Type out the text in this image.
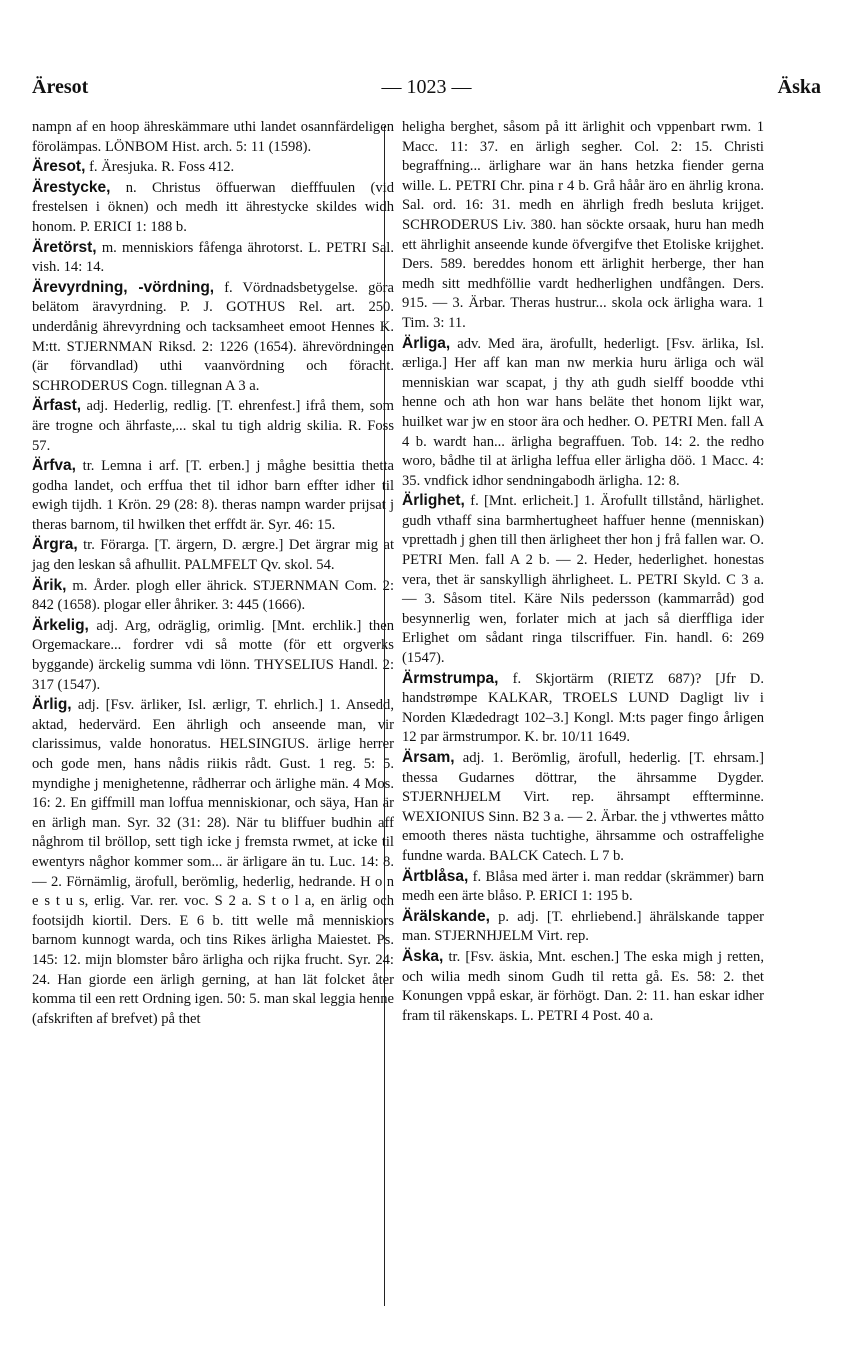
Äresot	— 1023 —	Äska

nampn af en hoop ähreskämmare uthi landet osannfärdeligen förolämpas. LÖNBOM Hist. arch. 5: 11 (1598).

Äresot, f. Äresjuka. R. Foss 412.

Ärestycke, n. Christus öffuerwan diefffuulen (vid frestelsen i öknen) och medh itt ährestycke skildes widh honom. P. ERICI 1: 188 b.

Äretörst, m. menniskiors fåfenga ährotorst. L. PETRI Sal. vish. 14: 14.

Ärevyrdning, -vördning, f. Vördnadsbetygelse. göra belätom äravyrdning. P. J. GOTHUS Rel. art. 250. underdånig ährevyrdning och tacksamheet emoot Hennes K. M:tt. STJERNMAN Riksd. 2: 1226 (1654). ährevördningen (är förvandlad) uthi vaanvördning och föracht. SCHRODERUS Cogn. tillegnan A 3 a.

Ärfast, adj. Hederlig, redlig. [T. ehrenfest.] ifrå them, som äre trogne och ährfaste,... skal tu tigh aldrig skilia. R. Foss 57.

Ärfva, tr. Lemna i arf. [T. erben.] j måghe besittia thetta godha landet, och erffua thet til idhor barn effter idher til ewigh tijdh. 1 Krön. 29 (28: 8). theras nampn warder prijsat j theras barnom, til hwilken thet erffdt är. Syr. 46: 15.

Ärgra, tr. Förarga. [T. ärgern, D. ærgre.] Det ärgrar mig at jag den leskan så afhullit. PALMFELT Qv. skol. 54.

Ärik, m. Årder. plogh eller ährick. STJERNMAN Com. 2: 842 (1658). plogar eller åhriker. 3: 445 (1666).

Ärkelig, adj. Arg, odräglig, orimlig. [Mnt. erchlik.] then Orgemackare... fordrer vdi så motte (för ett orgverks byggande) ärckelig summa vdi lönn. THYSELIUS Handl. 2: 317 (1547).

Ärlig, adj. [Fsv. ärliker, Isl. ærligr, T. ehrlich.] 1. Ansedd, aktad, hedervärd. Een ährligh och anseende man, vir clarissimus, valde honoratus. HELSINGIUS. ärlige herrer och gode men, hans nådis riikis rådt. Gust. 1 reg. 5: 5. myndighe j menighetenne, rådherrar och ärlighe män. 4 Mos. 16: 2. En giffmill man loffua menniskionar, och säya, Han är en ärligh man. Syr. 32 (31: 28). När tu bliffuer budhin aff någhrom til bröllop, sett tigh icke j fremsta rwmet, at icke til ewentyrs någhor kommer som... är ärligare än tu. Luc. 14: 8. — 2. Förnämlig, ärofull, berömlig, hederlig, hedrande. H o n e s t u s, erlig. Var. rer. voc. S 2 a. S t o l a, en ärlig och footsijdh kiortil. Ders. E 6 b. titt welle må menniskiors barnom kunnogt warda, och tins Rikes ärligha Maiestet. Ps. 145: 12. mijn blomster båro ärligha och rijka frucht. Syr. 24: 24. Han giorde een ärligh gerning, at han lät folcket åter komma til een rett Ordning igen. 50: 5. man skal leggia henne (afskriften af brefvet) på thet

heligha berghet, såsom på itt ärlighit och vppenbart rwm. 1 Macc. 11: 37. en ärligh segher. Col. 2: 15. Christi begraffning... ärlighare war än hans hetzka fiender gerna wille. L. PETRI Chr. pina r 4 b. Grå håår äro en ährlig krona. Sal. ord. 16: 31. medh en ährligh fredh besluta krijget. SCHRODERUS Liv. 380. han söckte orsaak, huru han medh ett ährlighit anseende kunde öfvergifve thet Etoliske krijghet. Ders. 589. bereddes honom ett ärlighit herberge, ther han medh sitt medhföllie vardt hedherlighen undfången. Ders. 915. — 3. Ärbar. Theras hustrur... skola ock ärligha wara. 1 Tim. 3: 11.

Ärliga, adv. Med ära, ärofullt, hederligt. [Fsv. ärlika, Isl. ærliga.] Her aff kan man nw merkia huru ärliga och wäl menniskian war scapat, j thy ath gudh sielff boodde vthi henne och ath hon war hans beläte thet honom lijkt war, huilket war jw en stoor ära och hedher. O. PETRI Men. fall A 4 b. wardt han... ärligha begraffuen. Tob. 14: 2. the redho woro, bådhe til at ärligha leffua eller ärligha döö. 1 Macc. 4: 35. vndfick idhor sendningabodh ärligha. 12: 8.

Ärlighet, f. [Mnt. erlicheit.] 1. Ärofullt tillstånd, härlighet. gudh vthaff sina barmhertugheet haffuer henne (menniskan) vprettadh j ghen till then ärligheet ther hon j frå fallen war. O. PETRI Men. fall A 2 b. — 2. Heder, hederlighet. honestas vera, thet är sanskylligh ährligheet. L. PETRI Skyld. C 3 a. — 3. Såsom titel. Käre Nils pedersson (kammarråd) god besynnerlig wen, forlater mich at jach så dierffliga ider Erlighet om sådant ringa tilscriffuer. Fin. handl. 6: 269 (1547).

Ärmstrumpa, f. Skjortärm (RIETZ 687)? [Jfr D. handstrømpe KALKAR, TROELS LUND Dagligt liv i Norden Klædedragt 102–3.] Kongl. M:ts pager fingo årligen 12 par ärmstrumpor. K. br. 10/11 1649.

Ärsam, adj. 1. Berömlig, ärofull, hederlig. [T. ehrsam.] thessa Gudarnes döttrar, the ährsamme Dygder. STJERNHJELM Virt. rep. ährsampt effterminne. WEXIONIUS Sinn. B2 3 a. — 2. Ärbar. the j vthwertes måtto emooth theres nästa tuchtighe, ährsamme och ostraffelighe fundne warda. BALCK Catech. L 7 b.

Ärtblåsa, f. Blåsa med ärter i. man reddar (skrämmer) barn medh een ärte blåso. P. ERICI 1: 195 b.

Ärälskande, p. adj. [T. ehrliebend.] ährälskande tapper man. STJERNHJELM Virt. rep.

Äska, tr. [Fsv. äskia, Mnt. eschen.] The eska migh j retten, och wilia medh sinom Gudh til retta gå. Es. 58: 2. thet Konungen vppå eskar, är förhögt. Dan. 2: 11. han eskar idher fram til räkenskaps. L. PETRI 4 Post. 40 a.
